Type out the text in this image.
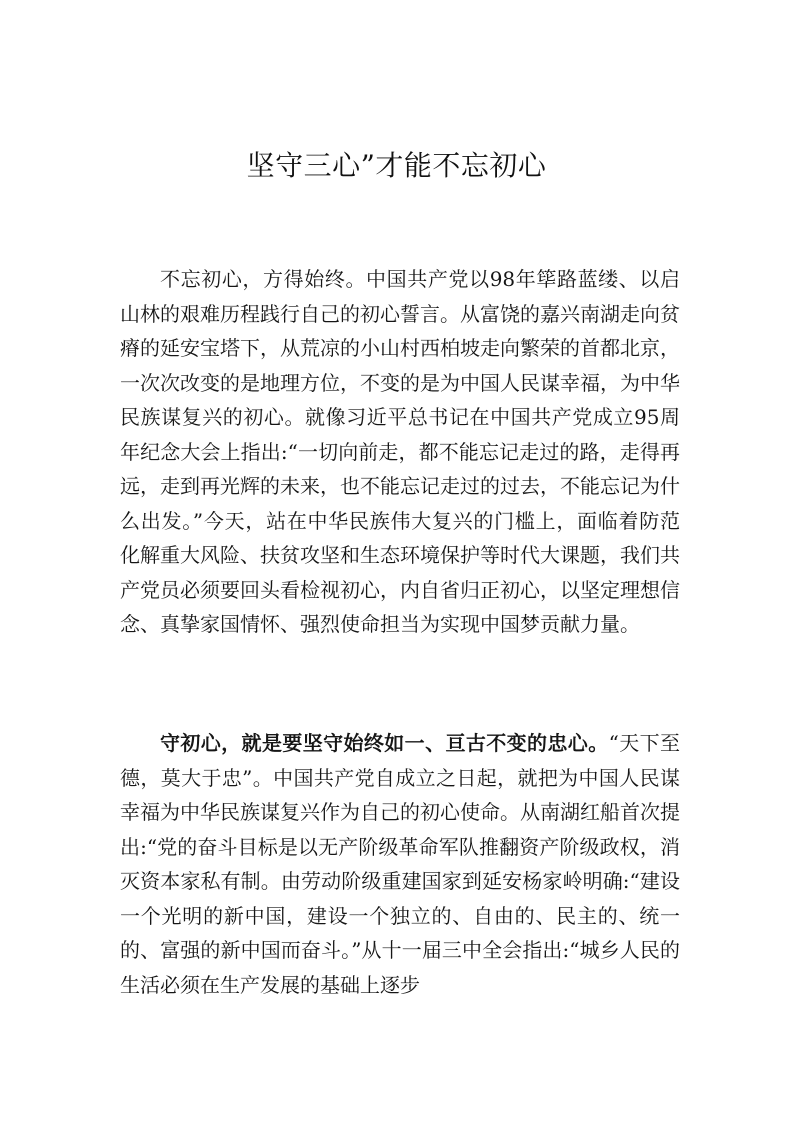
坚守三心”才能不忘初心

不忘初心，方得始终。中国共产党以98年筚路蓝缕、以启山林的艰难历程践行自己的初心誓言。从富饶的嘉兴南湖走向贫瘠的延安宝塔下，从荒凉的小山村西柏坡走向繁荣的首都北京，一次次改变的是地理方位，不变的是为中国人民谋幸福，为中华民族谋复兴的初心。就像习近平总书记在中国共产党成立95周年纪念大会上指出:“一切向前走，都不能忘记走过的路，走得再远，走到再光辉的未来，也不能忘记走过的过去，不能忘记为什么出发。”今天，站在中华民族伟大复兴的门槛上，面临着防范化解重大风险、扶贫攻坚和生态环境保护等时代大课题，我们共产党员必须要回头看检视初心，内自省归正初心，以坚定理想信念、真挚家国情怀、强烈使命担当为实现中国梦贡献力量。

守初心，就是要坚守始终如一、亘古不变的忠心。“天下至德，莫大于忠”。中国共产党自成立之日起，就把为中国人民谋幸福为中华民族谋复兴作为自己的初心使命。从南湖红船首次提出:“党的奋斗目标是以无产阶级革命军队推翻资产阶级政权，消灭资本家私有制。由劳动阶级重建国家到延安杨家岭明确:“建设一个光明的新中国，建设一个独立的、自由的、民主的、统一的、富强的新中国而奋斗。”从十一届三中全会指出:“城乡人民的生活必须在生产发展的基础上逐步
